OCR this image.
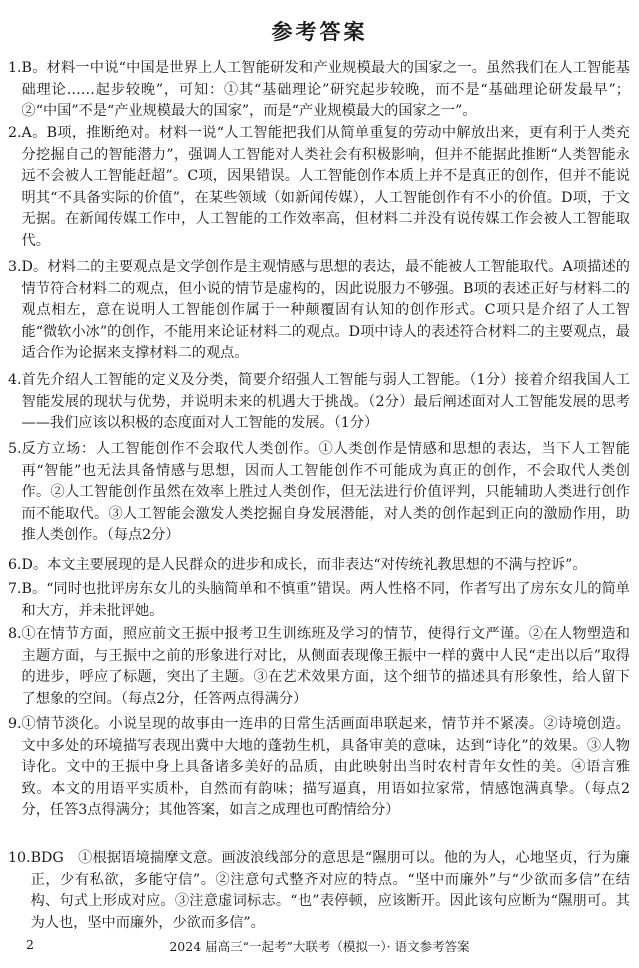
参考答案
1. B。材料一中说“中国是世界上人工智能研发和产业规模最大的国家之一。虽然我们在人工智能基础理论……起步较晚”，可知：①其“基础理论”研究起步较晚，而不是“基础理论研发最早”；②“中国”不是“产业规模最大的国家”，而是“产业规模最大的国家之一”。
2. A。B项，推断绝对。材料一说“人工智能把我们从简单重复的劳动中解放出来，更有利于人类充分挖掘自己的智能潜力”，强调人工智能对人类社会有积极影响，但并不能据此推断“人类智能永远不会被人工智能赶超”。C项，因果错误。人工智能创作本质上并不是真正的创作，但并不能说明其“不具备实际的价值”，在某些领域（如新闻传媒），人工智能创作有不小的价值。D项，于文无据。在新闻传媒工作中，人工智能的工作效率高，但材料二并没有说传媒工作会被人工智能取代。
3. D。材料二的主要观点是文学创作是主观情感与思想的表达，最不能被人工智能取代。A项描述的情节符合材料二的观点，但小说的情节是虚构的，因此说服力不够强。B项的表述正好与材料二的观点相左，意在说明人工智能创作属于一种颠覆固有认知的创作形式。C项只是介绍了人工智能“微软小冰”的创作，不能用来论证材料二的观点。D项中诗人的表述符合材料二的主要观点，最适合作为论据来支撑材料二的观点。
4. 首先介绍人工智能的定义及分类，简要介绍强人工智能与弱人工智能。（1分）接着介绍我国人工智能发展的现状与优势，并说明未来的机遇大于挑战。（2分）最后阐述面对人工智能发展的思考——我们应该以积极的态度面对人工智能的发展。（1分）
5. 反方立场：人工智能创作不会取代人类创作。①人类创作是情感和思想的表达，当下人工智能再“智能”也无法具备情感与思想，因而人工智能创作不可能成为真正的创作，不会取代人类创作。②人工智能创作虽然在效率上胜过人类创作，但无法进行价值评判，只能辅助人类进行创作而不能取代。③人工智能会激发人类挖掘自身发展潜能，对人类的创作起到正向的激励作用，助推人类创作。（每点2分）
6. D。本文主要展现的是人民群众的进步和成长，而非表达“对传统礼教思想的不满与控诉”。
7. B。“同时也批评房东女儿的头脑简单和不慎重”错误。两人性格不同，作者写出了房东女儿的简单和大方，并未批评她。
8. ①在情节方面，照应前文王振中报考卫生训练班及学习的情节，使得行文严谨。②在人物塑造和主题方面，与王振中之前的形象进行对比，从侧面表现像王振中一样的冀中人民“走出以后”取得的进步，呼应了标题，突出了主题。③在艺术效果方面，这个细节的描述具有形象性，给人留下了想象的空间。（每点2分，任答两点得满分）
9. ①情节淡化。小说呈现的故事由一连串的日常生活画面串联起来，情节并不紧凑。②诗境创造。文中多处的环境描写表现出冀中大地的蓬勃生机，具备审美的意味，达到“诗化”的效果。③人物诗化。文中的王振中身上具备诸多美好的品质，由此映射出当时农村青年女性的美。④语言雅致。本文的用语平实质朴，自然而有韵味；描写逼真，用语如拉家常，情感饱满真挚。（每点2分，任答3点得满分；其他答案，如言之成理也可酌情给分）
10. BDG　①根据语境揣摩文意。画波浪线部分的意思是“隰朋可以。他的为人，心地坚贞，行为廉正，少有私欲，多能守信”。②注意句式整齐对应的特点。“坚中而廉外”与“少欲而多信”在结构、句式上形成对应。③注意虚词标志。“也”表停顿，应该断开。因此该句应断为“隰朋可。其为人也，坚中而廉外，少欲而多信”。
2	2024 届高三“一起考”大联考（模拟一）· 语文参考答案
